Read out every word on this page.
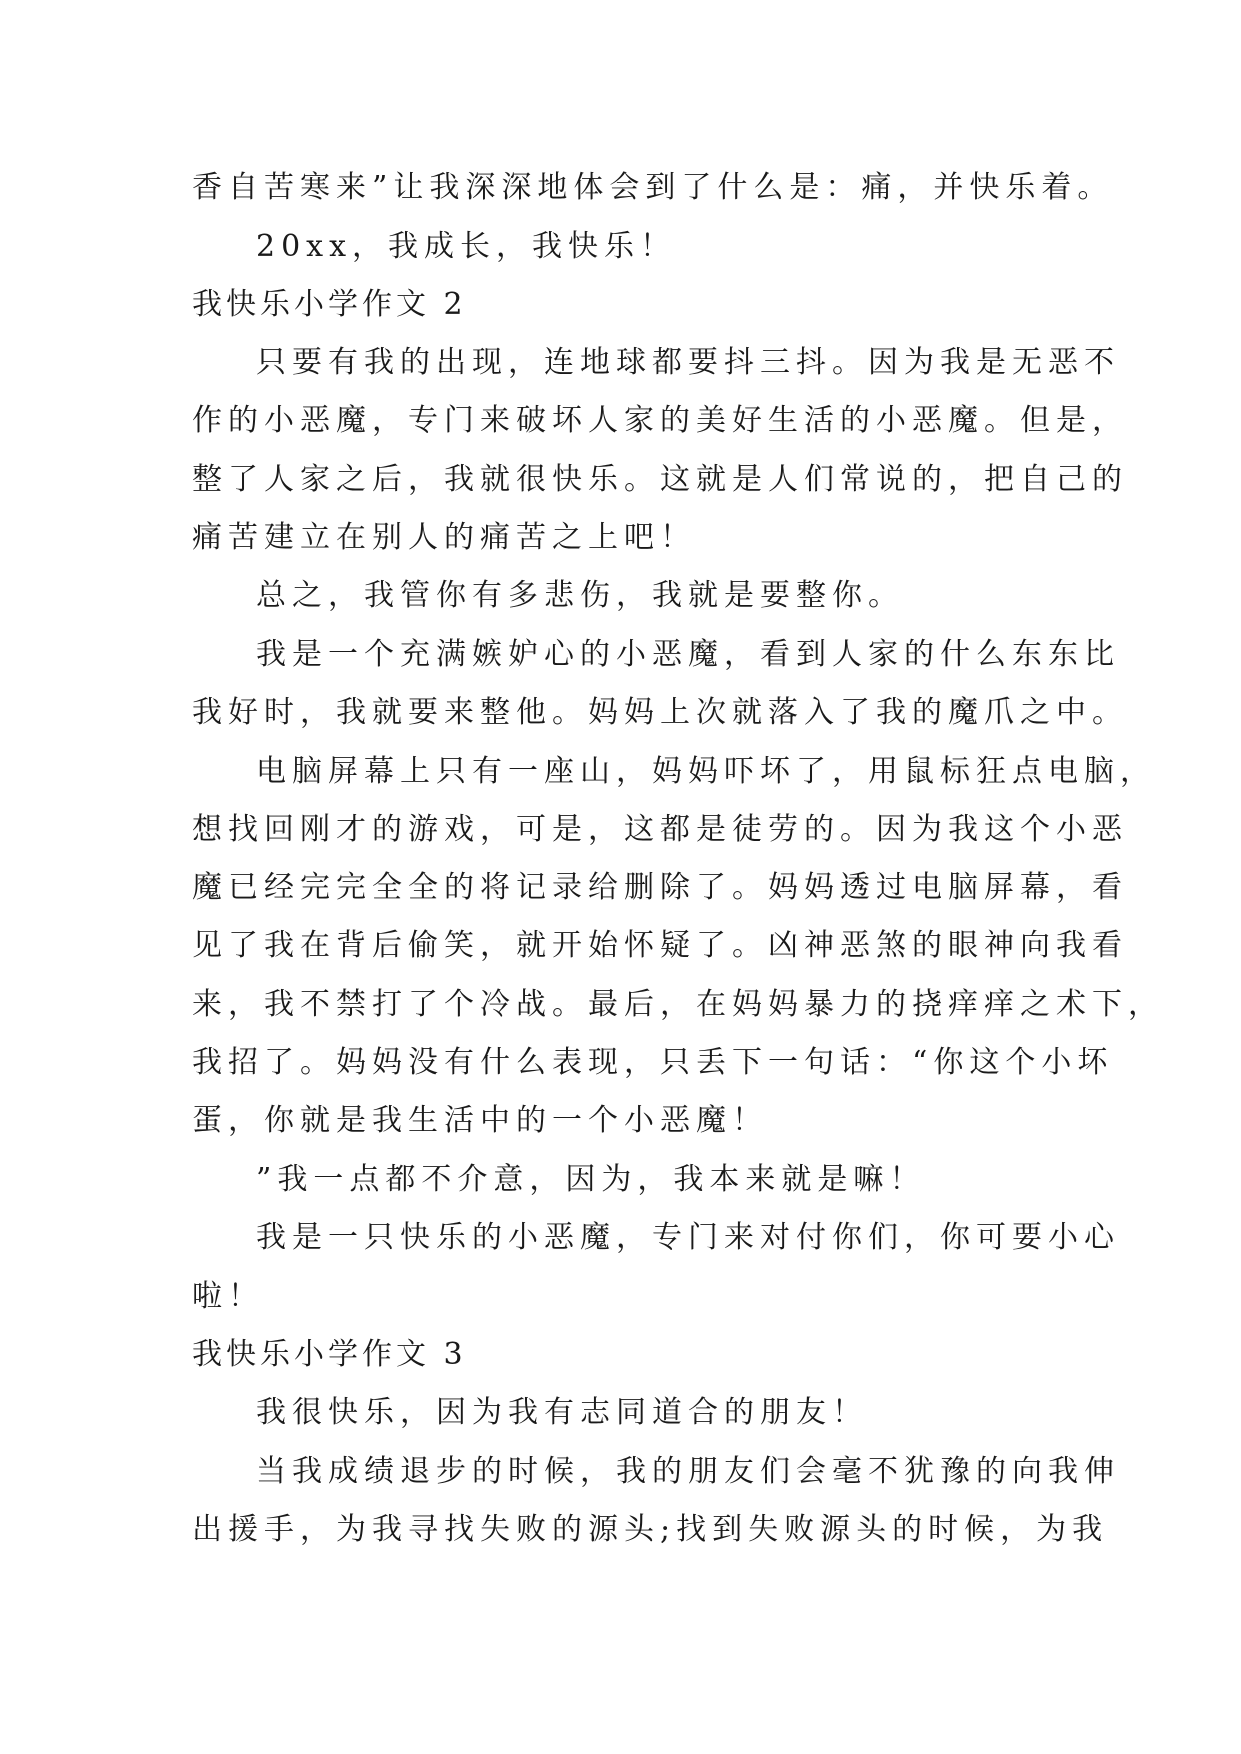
香自苦寒来”让我深深地体会到了什么是：痛，并快乐着。
20xx，我成长，我快乐！
我快乐小学作文 2
只要有我的出现，连地球都要抖三抖。因为我是无恶不
作的小恶魔，专门来破坏人家的美好生活的小恶魔。但是，
整了人家之后，我就很快乐。这就是人们常说的，把自己的
痛苦建立在别人的痛苦之上吧！
总之，我管你有多悲伤，我就是要整你。
我是一个充满嫉妒心的小恶魔，看到人家的什么东东比
我好时，我就要来整他。妈妈上次就落入了我的魔爪之中。
电脑屏幕上只有一座山，妈妈吓坏了，用鼠标狂点电脑，
想找回刚才的游戏，可是，这都是徒劳的。因为我这个小恶
魔已经完完全全的将记录给删除了。妈妈透过电脑屏幕，看
见了我在背后偷笑，就开始怀疑了。凶神恶煞的眼神向我看
来，我不禁打了个冷战。最后，在妈妈暴力的挠痒痒之术下，
我招了。妈妈没有什么表现，只丢下一句话：“你这个小坏
蛋，你就是我生活中的一个小恶魔！
”我一点都不介意，因为，我本来就是嘛！
我是一只快乐的小恶魔，专门来对付你们，你可要小心
啦！
我快乐小学作文 3
我很快乐，因为我有志同道合的朋友！
当我成绩退步的时候，我的朋友们会毫不犹豫的向我伸
出援手，为我寻找失败的源头;找到失败源头的时候，为我
